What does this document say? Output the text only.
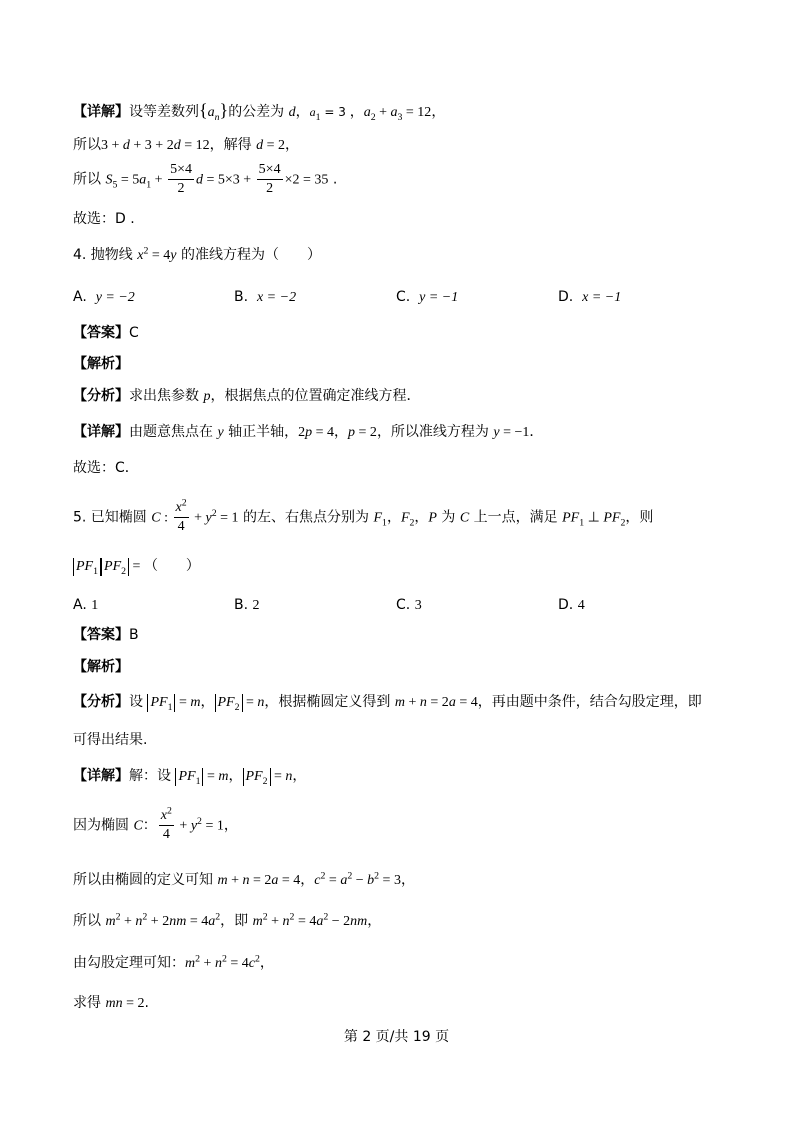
【详解】设等差数列$\{a_n\}$的公差为 d，$a_1 = 3$ ，$a_2 + a_3 = 12$，
所以3 + d + 3 + 2d = 12，解得 d = 2，
所以 $S_5 = 5a_1 + \frac{5\times 4}{2}$ $d = 5\times 3 + \frac{5\times 4}{2} \times 2 = 35$ .
故选：D .
4. 抛物线 $x^2 = 4y$ 的准线方程为（　　）
A. y = −2	B. x = −2	C. y = −1	D. x = −1
【答案】C
【解析】
【分析】求出焦参数 p，根据焦点的位置确定准线方程．
【详解】由题意焦点在 y 轴正半轴，2p = 4，p = 2，所以准线方程为 y = −1．
故选：C．
5. 已知椭圆 C : $\frac{x^2}{4} + y^2 = 1$ 的左、右焦点分别为 $F_1$，$F_2$，P 为 C 上一点，满足 $PF_1$ ⊥ $PF_2$，则
$PF_1$ $PF_2$ = （　　）
A. 1	B. 2	C. 3	D. 4
【答案】B
【解析】
【分析】设 $PF_1 = m$， $PF_2 = n$，根据椭圆定义得到 m + n = 2a = 4，再由题中条件，结合勾股定理，即
可得出结果.
【详解】解：设 $PF_1 = m$， $PF_2 = n$，
因为椭圆 C： $\frac{x^2}{4} + y^2 = 1$，
所以由椭圆的定义可知 m + n = 2a = 4，$c^2 = a^2 - b^2 = 3$，
所以 $m^2 + n^2 + 2nm = 4a^2$，即 $m^2 + n^2 = 4a^2 - 2nm$，
由勾股定理可知：$m^2 + n^2 = 4c^2$，
求得 mn = 2.
第 2 页/共 19 页
